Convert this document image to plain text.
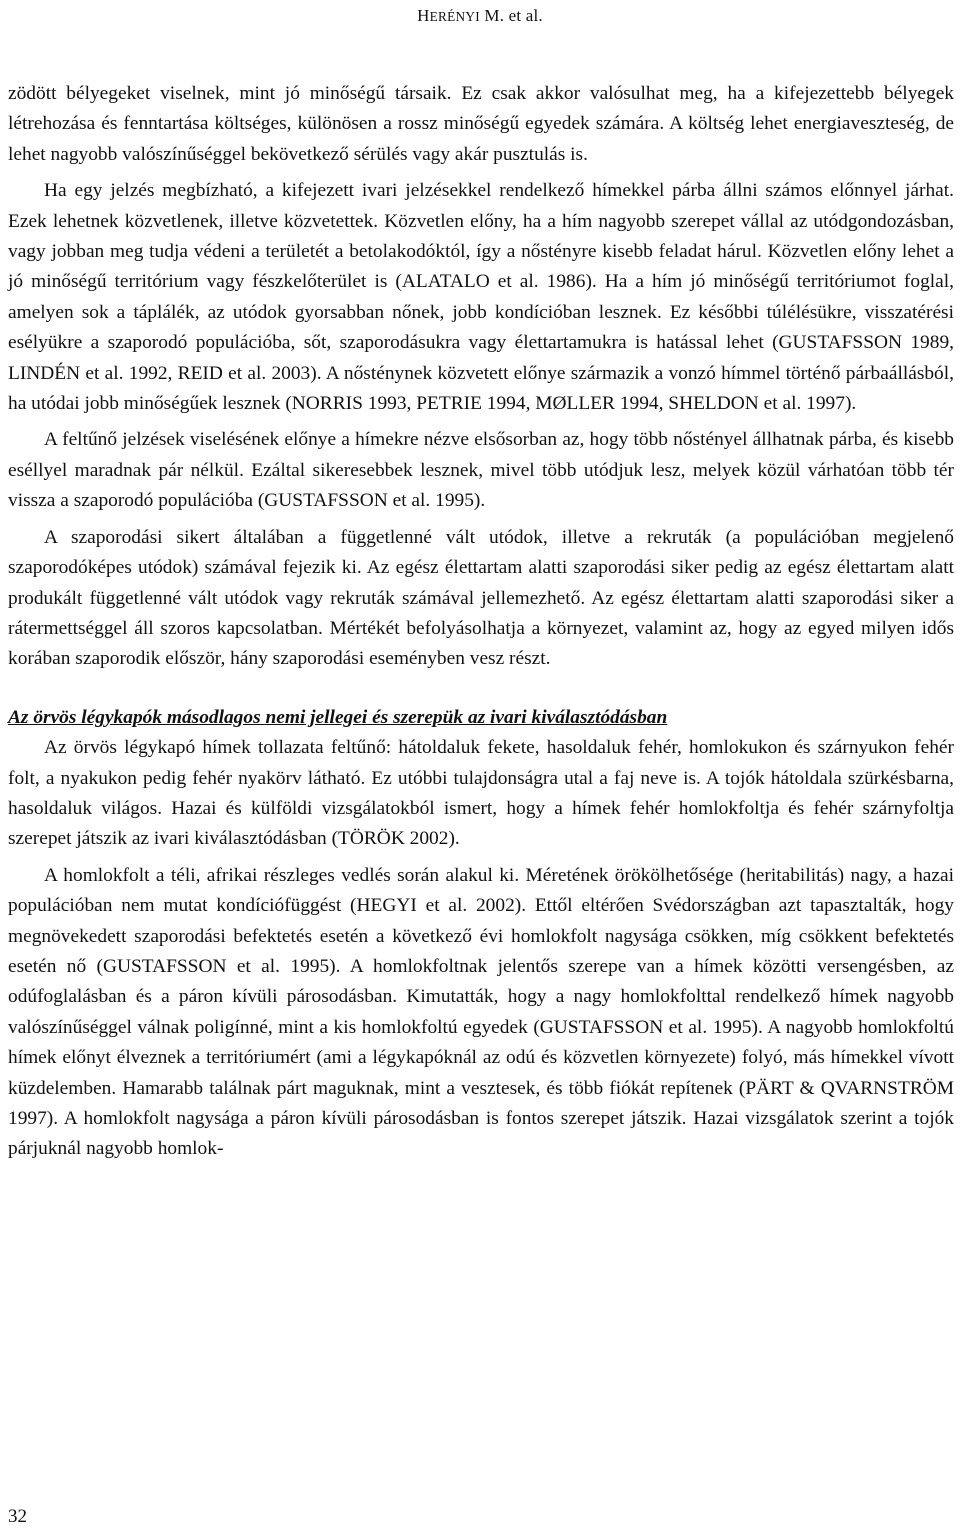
HERÉNYI M. et al.

zödött bélyegeket viselnek, mint jó minőségű társaik. Ez csak akkor valósulhat meg, ha a kifejezettebb bélyegek létrehozása és fenntartása költséges, különösen a rossz minőségű egyedek számára. A költség lehet energiaveszteség, de lehet nagyobb valószínűséggel bekövetkező sérülés vagy akár pusztulás is.

Ha egy jelzés megbízható, a kifejezett ivari jelzésekkel rendelkező hímekkel párba állni számos előnnyel járhat. Ezek lehetnek közvetlenek, illetve közvetettek. Közvetlen előny, ha a hím nagyobb szerepet vállal az utódgondozásban, vagy jobban meg tudja védeni a területét a betolakodóktól, így a nőstényre kisebb feladat hárul. Közvetlen előny lehet a jó minőségű territórium vagy fészkelőterület is (ALATALO et al. 1986). Ha a hím jó minőségű territóriumot foglal, amelyen sok a táplálék, az utódok gyorsabban nőnek, jobb kondícióban lesznek. Ez későbbi túlélésükre, visszatérési esélyükre a szaporodó populációba, sőt, szaporodásukra vagy élettartamukra is hatással lehet (GUSTAFSSON 1989, LINDÉN et al. 1992, REID et al. 2003). A nősténynek közvetett előnye származik a vonzó hímmel történő párbaállásból, ha utódai jobb minőségűek lesznek (NORRIS 1993, PETRIE 1994, MØLLER 1994, SHELDON et al. 1997).

A feltűnő jelzések viselésének előnye a hímekre nézve elsősorban az, hogy több nőstényel állhatnak párba, és kisebb eséllyel maradnak pár nélkül. Ezáltal sikeresebbek lesznek, mivel több utódjuk lesz, melyek közül várhatóan több tér vissza a szaporodó populációba (GUSTAFSSON et al. 1995).

A szaporodási sikert általában a függetlenné vált utódok, illetve a rekruták (a populációban megjelenő szaporodóképes utódok) számával fejezik ki. Az egész élettartam alatti szaporodási siker pedig az egész élettartam alatt produkált függetlenné vált utódok vagy rekruták számával jellemezhető. Az egész élettartam alatti szaporodási siker a rátermettséggel áll szoros kapcsolatban. Mértékét befolyásolhatja a környezet, valamint az, hogy az egyed milyen idős korában szaporodik először, hány szaporodási eseményben vesz részt.

Az örvös légykapók másodlagos nemi jellegei és szerepük az ivari kiválasztódásban

Az örvös légykapó hímek tollazata feltűnő: hátoldaluk fekete, hasoldaluk fehér, homlokukon és szárnyukon fehér folt, a nyakukon pedig fehér nyakörv látható. Ez utóbbi tulajdonságra utal a faj neve is. A tojók hátoldala szürkésbarna, hasoldaluk világos. Hazai és külföldi vizsgálatokból ismert, hogy a hímek fehér homlokfoltja és fehér szárnyfoltja szerepet játszik az ivari kiválasztódásban (TÖRÖK 2002).

A homlokfolt a téli, afrikai részleges vedlés során alakul ki. Méretének örökölhetősége (heritabilitás) nagy, a hazai populációban nem mutat kondíciófüggést (HEGYI et al. 2002). Ettől eltérően Svédországban azt tapasztalták, hogy megnövekedett szaporodási befektetés esetén a következő évi homlokfolt nagysága csökken, míg csökkent befektetés esetén nő (GUSTAFSSON et al. 1995). A homlokfoltnak jelentős szerepe van a hímek közötti versengésben, az odúfoglalásban és a páron kívüli párosodásban. Kimutatták, hogy a nagy homlokfolttal rendelkező hímek nagyobb valószínűséggel válnak poligínné, mint a kis homlokfoltú egyedek (GUSTAFSSON et al. 1995). A nagyobb homlokfoltú hímek előnyt élveznek a territóriumért (ami a légykapóknál az odú és közvetlen környezete) folyó, más hímekkel vívott küzdelemben. Hamarabb találnak párt maguknak, mint a vesztesek, és több fiókát repítenek (PÄRT & QVARNSTRÖM 1997). A homlokfolt nagysága a páron kívüli párosodásban is fontos szerepet játszik. Hazai vizsgálatok szerint a tojók párjuknál nagyobb homlok-

32
